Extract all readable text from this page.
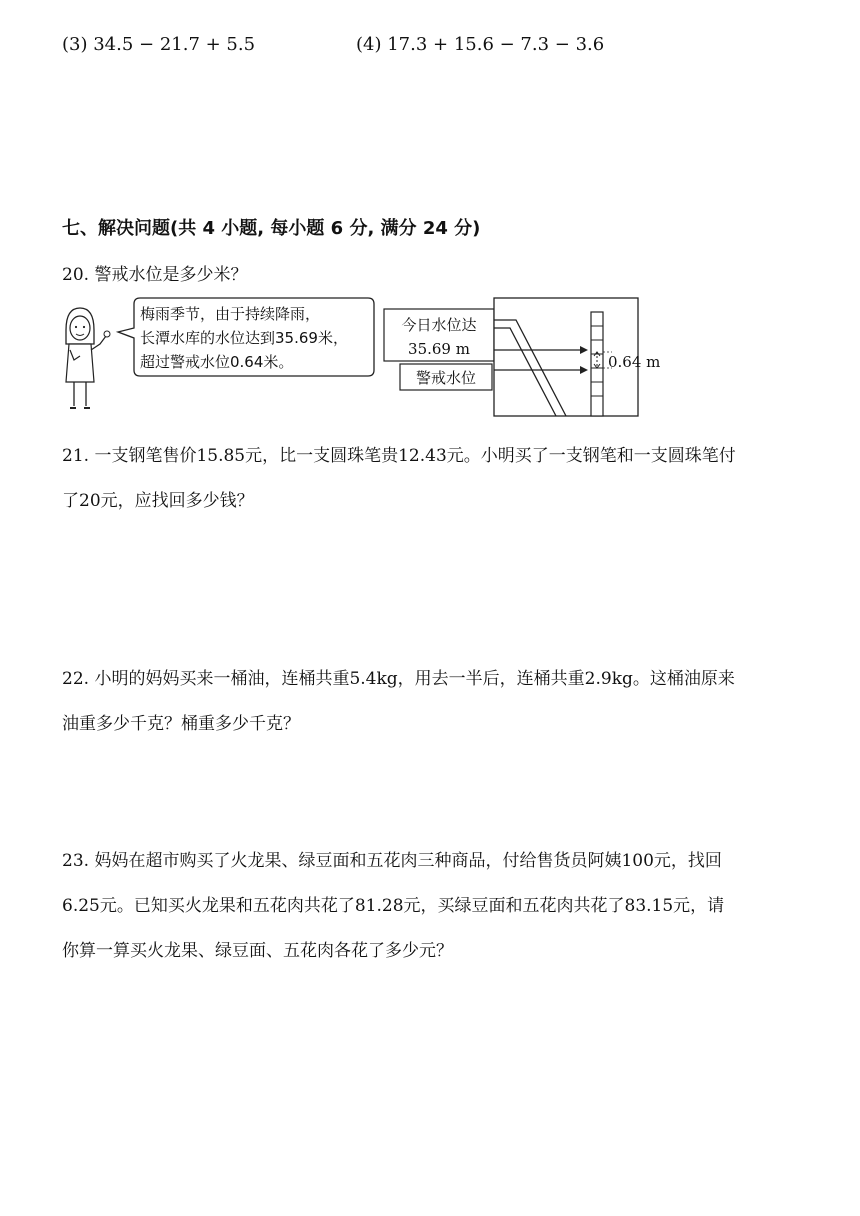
(3) 34.5 − 21.7 + 5.5	(4) 17.3 + 15.6 − 7.3 − 3.6
七、解决问题(共 4 小题, 每小题 6 分, 满分 24 分)
20. 警戒水位是多少米？
梅雨季节，由于持续降雨，
长潭水库的水位达到35.69米，
超过警戒水位0.64米。
今日水位达
35.69 m
警戒水位
0.64 m
21. 一支钢笔售价15.85元，比一支圆珠笔贵12.43元。小明买了一支钢笔和一支圆珠笔付
了20元，应找回多少钱？
22. 小明的妈妈买来一桶油，连桶共重5.4kg，用去一半后，连桶共重2.9kg。这桶油原来
油重多少千克？桶重多少千克？
23. 妈妈在超市购买了火龙果、绿豆面和五花肉三种商品，付给售货员阿姨100元，找回
6.25元。已知买火龙果和五花肉共花了81.28元，买绿豆面和五花肉共花了83.15元，请
你算一算买火龙果、绿豆面、五花肉各花了多少元？
